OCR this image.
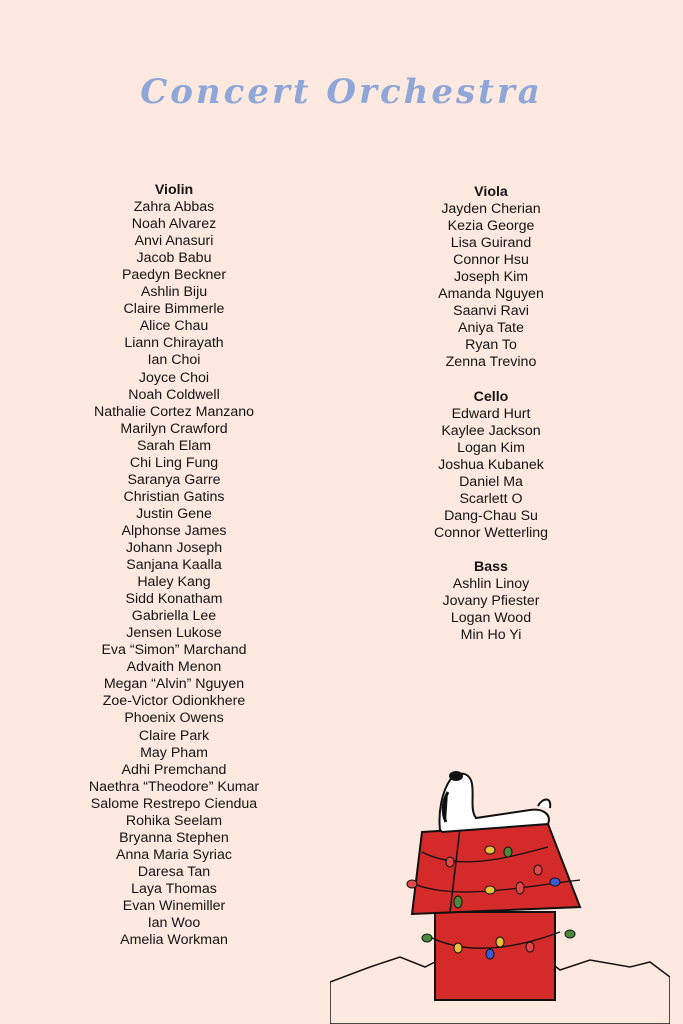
Concert Orchestra
Violin
Zahra Abbas
Noah Alvarez
Anvi Anasuri
Jacob Babu
Paedyn Beckner
Ashlin Biju
Claire Bimmerle
Alice Chau
Liann Chirayath
Ian Choi
Joyce Choi
Noah Coldwell
Nathalie Cortez Manzano
Marilyn Crawford
Sarah Elam
Chi Ling Fung
Saranya Garre
Christian Gatins
Justin Gene
Alphonse James
Johann Joseph
Sanjana Kaalla
Haley Kang
Sidd Konatham
Gabriella Lee
Jensen Lukose
Eva “Simon” Marchand
Advaith Menon
Megan “Alvin” Nguyen
Zoe-Victor Odionkhere
Phoenix Owens
Claire Park
May Pham
Adhi Premchand
Naethra “Theodore” Kumar
Salome Restrepo Ciendua
Rohika Seelam
Bryanna Stephen
Anna Maria Syriac
Daresa Tan
Laya Thomas
Evan Winemiller
Ian Woo
Amelia Workman
Viola
Jayden Cherian
Kezia George
Lisa Guirand
Connor Hsu
Joseph Kim
Amanda Nguyen
Saanvi Ravi
Aniya Tate
Ryan To
Zenna Trevino
Cello
Edward Hurt
Kaylee Jackson
Logan Kim
Joshua Kubanek
Daniel Ma
Scarlett O
Dang-Chau Su
Connor Wetterling
Bass
Ashlin Linoy
Jovany Pfiester
Logan Wood
Min Ho Yi
